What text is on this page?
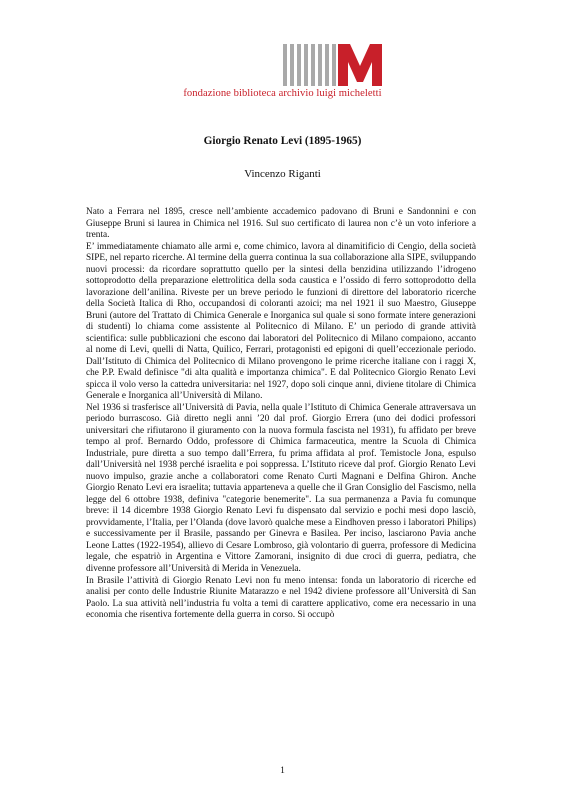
fondazione biblioteca archivio luigi micheletti
Giorgio Renato Levi (1895-1965)
Vincenzo Riganti

Nato a Ferrara nel 1895, cresce nell’ambiente accademico padovano di Bruni e Sandonnini e con Giuseppe Bruni si laurea in Chimica nel 1916. Sul suo certificato di laurea non c’è un voto inferiore a trenta.

E’ immediatamente chiamato alle armi e, come chimico, lavora al dinamitificio di Cengio, della società SIPE, nel reparto ricerche. Al termine della guerra continua la sua collaborazione alla SIPE, sviluppando nuovi processi: da ricordare soprattutto quello per la sintesi della benzidina utilizzando l’idrogeno sottoprodotto della preparazione elettrolitica della soda caustica e l’ossido di ferro sottoprodotto della lavorazione dell’anilina. Riveste per un breve periodo le funzioni di direttore del laboratorio ricerche della Società Italica di Rho, occupandosi di coloranti azoici; ma nel 1921 il suo Maestro, Giuseppe Bruni (autore del Trattato di Chimica Generale e Inorganica sul quale si sono formate intere generazioni di studenti) lo chiama come assistente al Politecnico di Milano. E’ un periodo di grande attività scientifica: sulle pubblicazioni che escono dai laboratori del Politecnico di Milano compaiono, accanto al nome di Levi, quelli di Natta, Quilico, Ferrari, protagonisti ed epigoni di quell’eccezionale periodo. Dall’Istituto di Chimica del Politecnico di Milano provengono le prime ricerche italiane con i raggi X, che P.P. Ewald definisce "di alta qualità e importanza chimica". E dal Politecnico Giorgio Renato Levi spicca il volo verso la cattedra universitaria: nel 1927, dopo soli cinque anni, diviene titolare di Chimica Generale e Inorganica all’Università di Milano.

Nel 1936 si trasferisce all’Università di Pavia, nella quale l’Istituto di Chimica Generale attraversava un periodo burrascoso. Già diretto negli anni ’20 dal prof. Giorgio Errera (uno dei dodici professori universitari che rifiutarono il giuramento con la nuova formula fascista nel 1931), fu affidato per breve tempo al prof. Bernardo Oddo, professore di Chimica farmaceutica, mentre la Scuola di Chimica Industriale, pure diretta a suo tempo dall’Errera, fu prima affidata al prof. Temistocle Jona, espulso dall’Università nel 1938 perché israelita e poi soppressa. L’Istituto riceve dal prof. Giorgio Renato Levi nuovo impulso, grazie anche a collaboratori come Renato Curti Magnani e Delfina Ghiron. Anche Giorgio Renato Levi era israelita; tuttavia apparteneva a quelle che il Gran Consiglio del Fascismo, nella legge del 6 ottobre 1938, definiva "categorie benemerite". La sua permanenza a Pavia fu comunque breve: il 14 dicembre 1938 Giorgio Renato Levi fu dispensato dal servizio e pochi mesi dopo lasciò, provvidamente, l’Italia, per l’Olanda (dove lavorò qualche mese a Eindhoven presso i laboratori Philips) e successivamente per il Brasile, passando per Ginevra e Basilea. Per inciso, lasciarono Pavia anche Leone Lattes (1922-1954), allievo di Cesare Lombroso, già volontario di guerra, professore di Medicina legale, che espatriò in Argentina e Vittore Zamorani, insignito di due croci di guerra, pediatra, che divenne professore all’Università di Merida in Venezuela.

In Brasile l’attività di Giorgio Renato Levi non fu meno intensa: fonda un laboratorio di ricerche ed analisi per conto delle Industrie Riunite Matarazzo e nel 1942 diviene professore all’Università di San Paolo. La sua attività nell’industria fu volta a temi di carattere applicativo, come era necessario in una economia che risentiva fortemente della guerra in corso. Si occupò

1
